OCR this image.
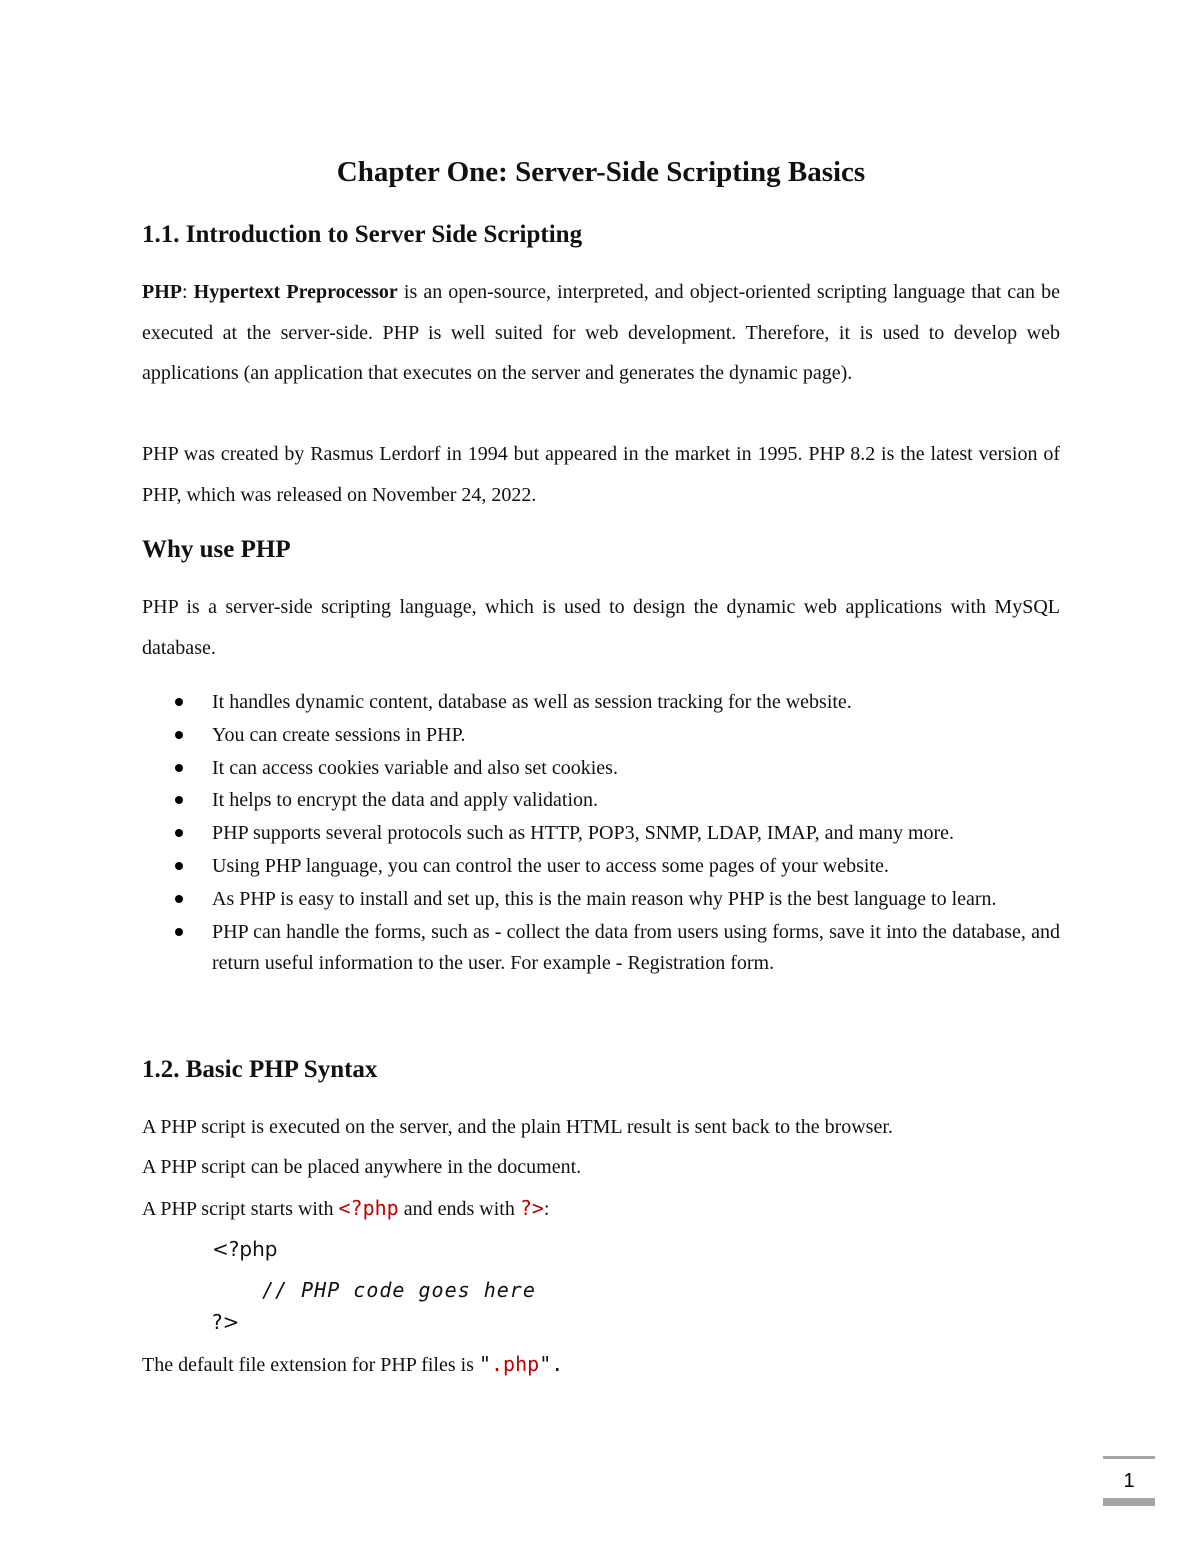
Chapter One: Server-Side Scripting Basics
1.1. Introduction to Server Side Scripting

PHP: Hypertext Preprocessor is an open-source, interpreted, and object-oriented scripting language that can be executed at the server-side. PHP is well suited for web development. Therefore, it is used to develop web applications (an application that executes on the server and generates the dynamic page).

PHP was created by Rasmus Lerdorf in 1994 but appeared in the market in 1995. PHP 8.2 is the latest version of PHP, which was released on November 24, 2022.

Why use PHP

PHP is a server-side scripting language, which is used to design the dynamic web applications with MySQL database.

It handles dynamic content, database as well as session tracking for the website.
You can create sessions in PHP.
It can access cookies variable and also set cookies.
It helps to encrypt the data and apply validation.
PHP supports several protocols such as HTTP, POP3, SNMP, LDAP, IMAP, and many more.
Using PHP language, you can control the user to access some pages of your website.
As PHP is easy to install and set up, this is the main reason why PHP is the best language to learn.
PHP can handle the forms, such as - collect the data from users using forms, save it into the database, and return useful information to the user. For example - Registration form.
1.2. Basic PHP Syntax

A PHP script is executed on the server, and the plain HTML result is sent back to the browser.

A PHP script can be placed anywhere in the document.

A PHP script starts with <?php and ends with ?>:

<?php

// PHP code goes here

?>

The default file extension for PHP files is ".php".

1
